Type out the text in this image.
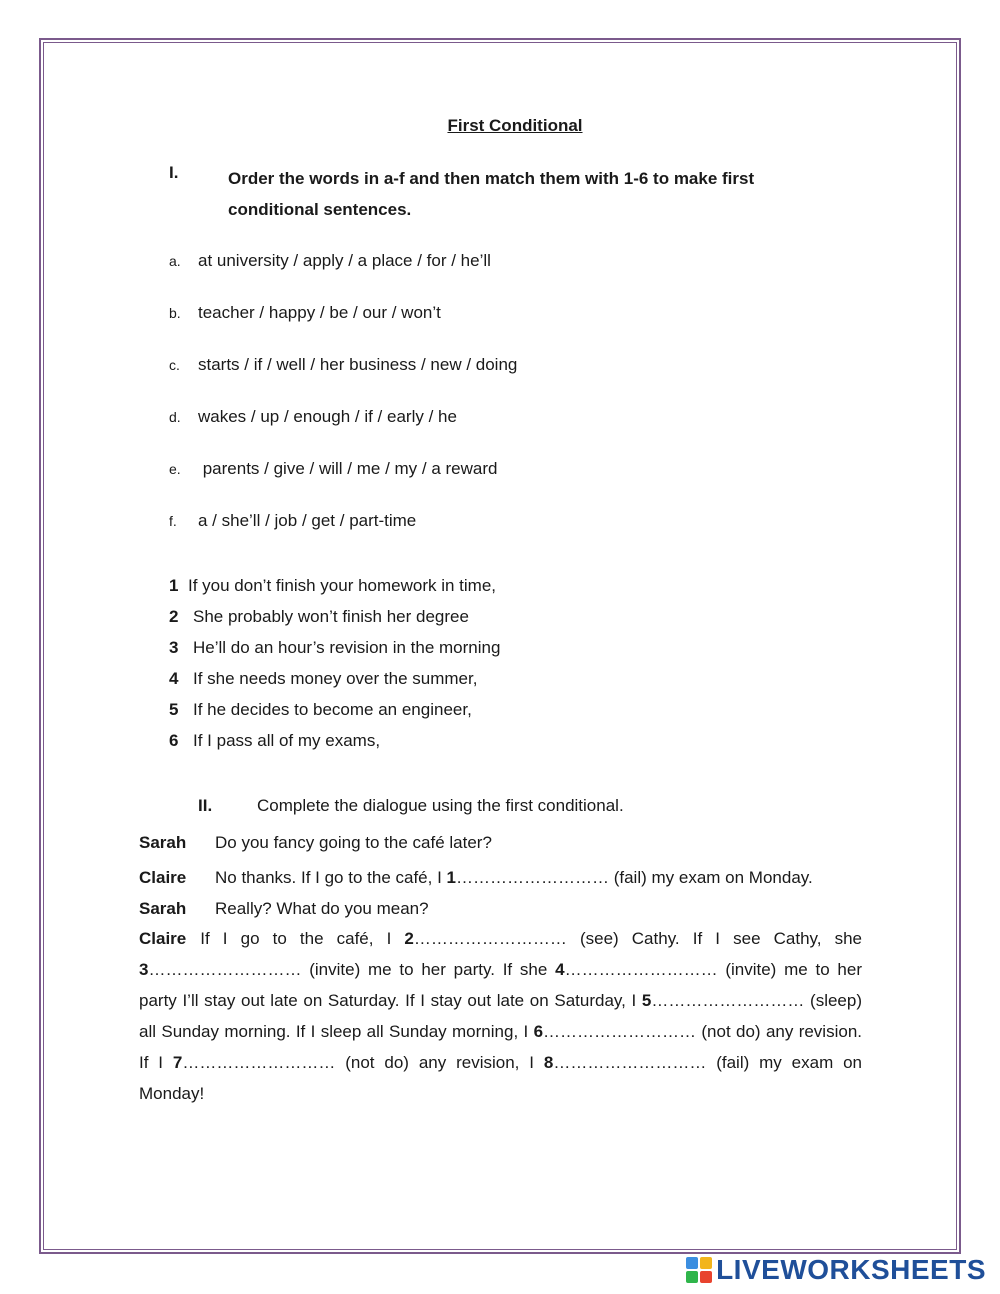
First Conditional
I.	Order the words in a-f and then match them with 1-6 to make first conditional sentences.
a. at university / apply / a place / for / he’ll
b. teacher / happy / be / our / won’t
c. starts / if / well / her business / new / doing
d. wakes / up / enough / if / early / he
e. parents / give / will / me / my / a reward
f. a / she’ll / job / get / part-time
1 If you don’t finish your homework in time,
2 She probably won’t finish her degree
3 He’ll do an hour’s revision in the morning
4 If she needs money over the summer,
5 If he decides to become an engineer,
6 If I pass all of my exams,
II.	Complete the dialogue using the first conditional.
Sarah Do you fancy going to the café later?
Claire No thanks. If I go to the café, I 1……………………… (fail) my exam on Monday.
Sarah Really? What do you mean?
Claire If I go to the café, I 2……………………… (see) Cathy. If I see Cathy, she 3……………………… (invite) me to her party. If she 4……………………… (invite) me to her party I’ll stay out late on Saturday. If I stay out late on Saturday, I 5……………………… (sleep) all Sunday morning. If I sleep all Sunday morning, I 6……………………… (not do) any revision. If I 7……………………… (not do) any revision, I 8……………………… (fail) my exam on Monday!
LIVEWORKSHEETS
